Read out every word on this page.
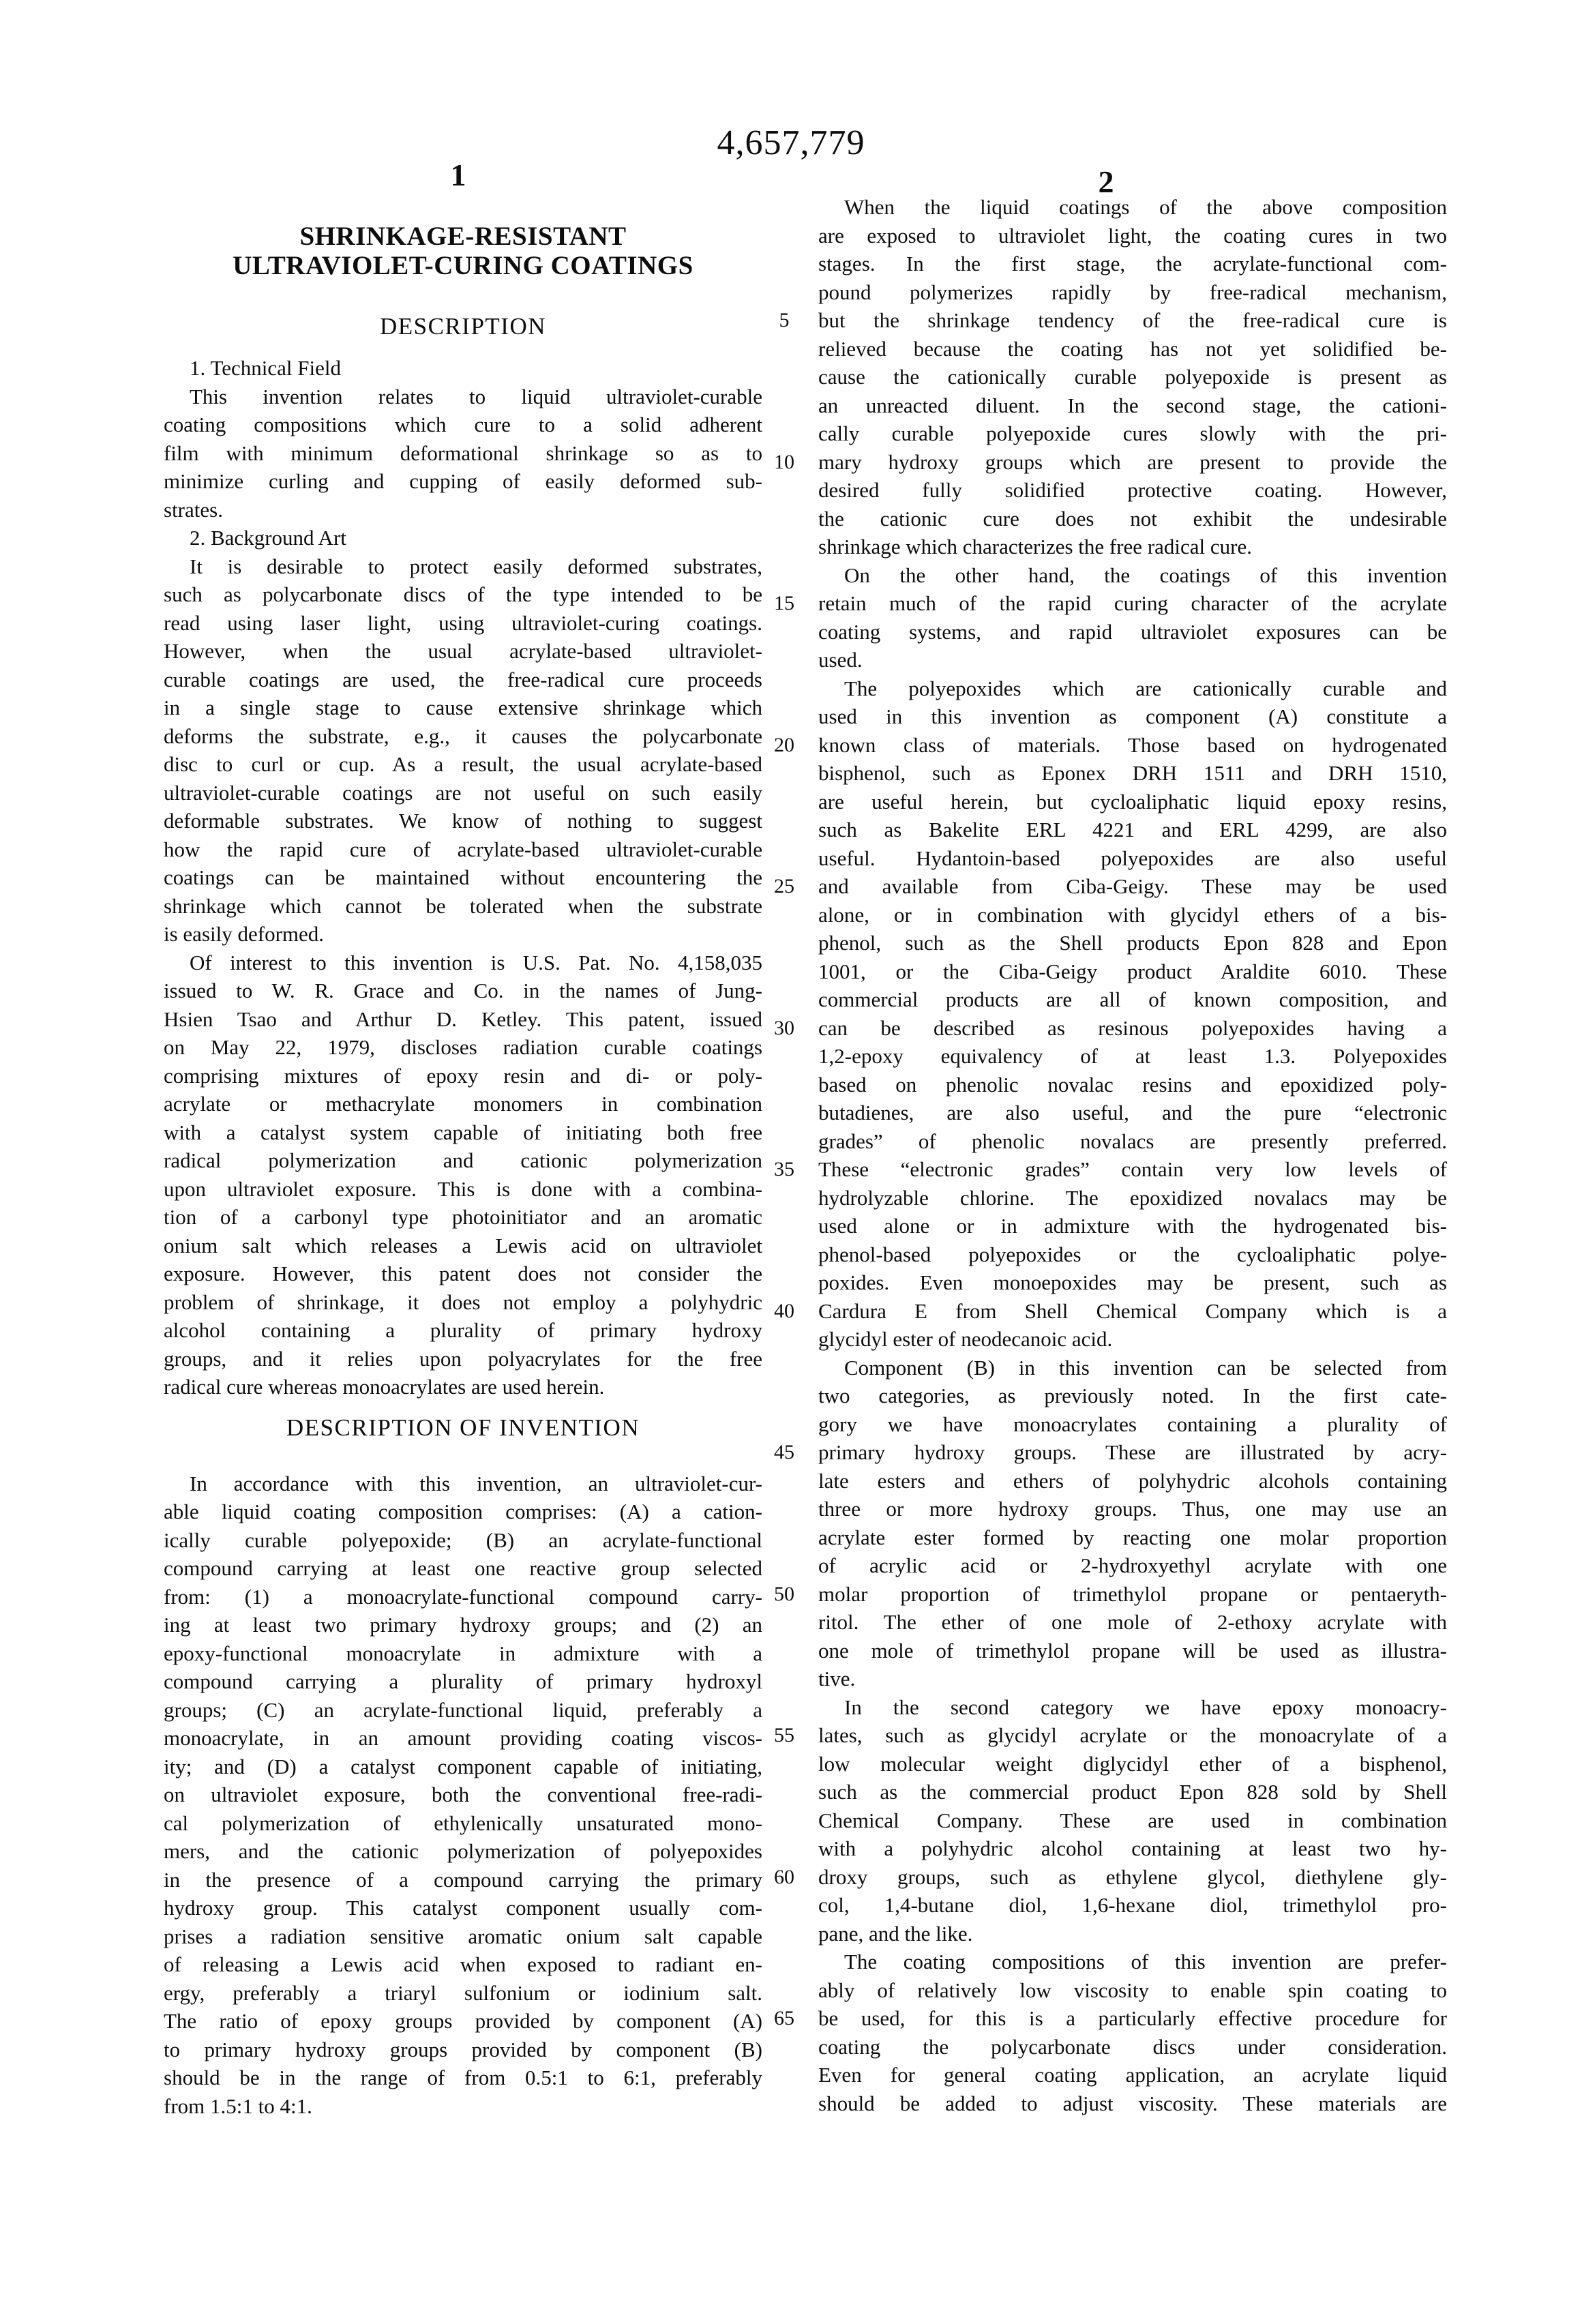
4,657,779
1	2
SHRINKAGE-RESISTANT
ULTRAVIOLET-CURING COATINGS
DESCRIPTION
1. Technical Field
This invention relates to liquid ultraviolet-curable
coating compositions which cure to a solid adherent
film with minimum deformational shrinkage so as to
minimize curling and cupping of easily deformed sub-
strates.
2. Background Art
It is desirable to protect easily deformed substrates,
such as polycarbonate discs of the type intended to be
read using laser light, using ultraviolet-curing coatings.
However, when the usual acrylate-based ultraviolet-
curable coatings are used, the free-radical cure proceeds
in a single stage to cause extensive shrinkage which
deforms the substrate, e.g., it causes the polycarbonate
disc to curl or cup. As a result, the usual acrylate-based
ultraviolet-curable coatings are not useful on such easily
deformable substrates. We know of nothing to suggest
how the rapid cure of acrylate-based ultraviolet-curable
coatings can be maintained without encountering the
shrinkage which cannot be tolerated when the substrate
is easily deformed.
Of interest to this invention is U.S. Pat. No. 4,158,035
issued to W. R. Grace and Co. in the names of Jung-
Hsien Tsao and Arthur D. Ketley. This patent, issued
on May 22, 1979, discloses radiation curable coatings
comprising mixtures of epoxy resin and di- or poly-
acrylate or methacrylate monomers in combination
with a catalyst system capable of initiating both free
radical polymerization and cationic polymerization
upon ultraviolet exposure. This is done with a combina-
tion of a carbonyl type photoinitiator and an aromatic
onium salt which releases a Lewis acid on ultraviolet
exposure. However, this patent does not consider the
problem of shrinkage, it does not employ a polyhydric
alcohol containing a plurality of primary hydroxy
groups, and it relies upon polyacrylates for the free
radical cure whereas monoacrylates are used herein.
DESCRIPTION OF INVENTION
In accordance with this invention, an ultraviolet-cur-
able liquid coating composition comprises: (A) a cation-
ically curable polyepoxide; (B) an acrylate-functional
compound carrying at least one reactive group selected
from: (1) a monoacrylate-functional compound carry-
ing at least two primary hydroxy groups; and (2) an
epoxy-functional monoacrylate in admixture with a
compound carrying a plurality of primary hydroxyl
groups; (C) an acrylate-functional liquid, preferably a
monoacrylate, in an amount providing coating viscos-
ity; and (D) a catalyst component capable of initiating,
on ultraviolet exposure, both the conventional free-radi-
cal polymerization of ethylenically unsaturated mono-
mers, and the cationic polymerization of polyepoxides
in the presence of a compound carrying the primary
hydroxy group. This catalyst component usually com-
prises a radiation sensitive aromatic onium salt capable
of releasing a Lewis acid when exposed to radiant en-
ergy, preferably a triaryl sulfonium or iodinium salt.
The ratio of epoxy groups provided by component (A)
to primary hydroxy groups provided by component (B)
should be in the range of from 0.5:1 to 6:1, preferably
from 1.5:1 to 4:1.
5
10
15
20
25
30
35
40
45
50
55
60
65
When the liquid coatings of the above composition
are exposed to ultraviolet light, the coating cures in two
stages. In the first stage, the acrylate-functional com-
pound polymerizes rapidly by free-radical mechanism,
but the shrinkage tendency of the free-radical cure is
relieved because the coating has not yet solidified be-
cause the cationically curable polyepoxide is present as
an unreacted diluent. In the second stage, the cationi-
cally curable polyepoxide cures slowly with the pri-
mary hydroxy groups which are present to provide the
desired fully solidified protective coating. However,
the cationic cure does not exhibit the undesirable
shrinkage which characterizes the free radical cure.
On the other hand, the coatings of this invention
retain much of the rapid curing character of the acrylate
coating systems, and rapid ultraviolet exposures can be
used.
The polyepoxides which are cationically curable and
used in this invention as component (A) constitute a
known class of materials. Those based on hydrogenated
bisphenol, such as Eponex DRH 1511 and DRH 1510,
are useful herein, but cycloaliphatic liquid epoxy resins,
such as Bakelite ERL 4221 and ERL 4299, are also
useful. Hydantoin-based polyepoxides are also useful
and available from Ciba-Geigy. These may be used
alone, or in combination with glycidyl ethers of a bis-
phenol, such as the Shell products Epon 828 and Epon
1001, or the Ciba-Geigy product Araldite 6010. These
commercial products are all of known composition, and
can be described as resinous polyepoxides having a
1,2-epoxy equivalency of at least 1.3. Polyepoxides
based on phenolic novalac resins and epoxidized poly-
butadienes, are also useful, and the pure “electronic
grades” of phenolic novalacs are presently preferred.
These “electronic grades” contain very low levels of
hydrolyzable chlorine. The epoxidized novalacs may be
used alone or in admixture with the hydrogenated bis-
phenol-based polyepoxides or the cycloaliphatic polye-
poxides. Even monoepoxides may be present, such as
Cardura E from Shell Chemical Company which is a
glycidyl ester of neodecanoic acid.
Component (B) in this invention can be selected from
two categories, as previously noted. In the first cate-
gory we have monoacrylates containing a plurality of
primary hydroxy groups. These are illustrated by acry-
late esters and ethers of polyhydric alcohols containing
three or more hydroxy groups. Thus, one may use an
acrylate ester formed by reacting one molar proportion
of acrylic acid or 2-hydroxyethyl acrylate with one
molar proportion of trimethylol propane or pentaeryth-
ritol. The ether of one mole of 2-ethoxy acrylate with
one mole of trimethylol propane will be used as illustra-
tive.
In the second category we have epoxy monoacry-
lates, such as glycidyl acrylate or the monoacrylate of a
low molecular weight diglycidyl ether of a bisphenol,
such as the commercial product Epon 828 sold by Shell
Chemical Company. These are used in combination
with a polyhydric alcohol containing at least two hy-
droxy groups, such as ethylene glycol, diethylene gly-
col, 1,4-butane diol, 1,6-hexane diol, trimethylol pro-
pane, and the like.
The coating compositions of this invention are prefer-
ably of relatively low viscosity to enable spin coating to
be used, for this is a particularly effective procedure for
coating the polycarbonate discs under consideration.
Even for general coating application, an acrylate liquid
should be added to adjust viscosity. These materials are
